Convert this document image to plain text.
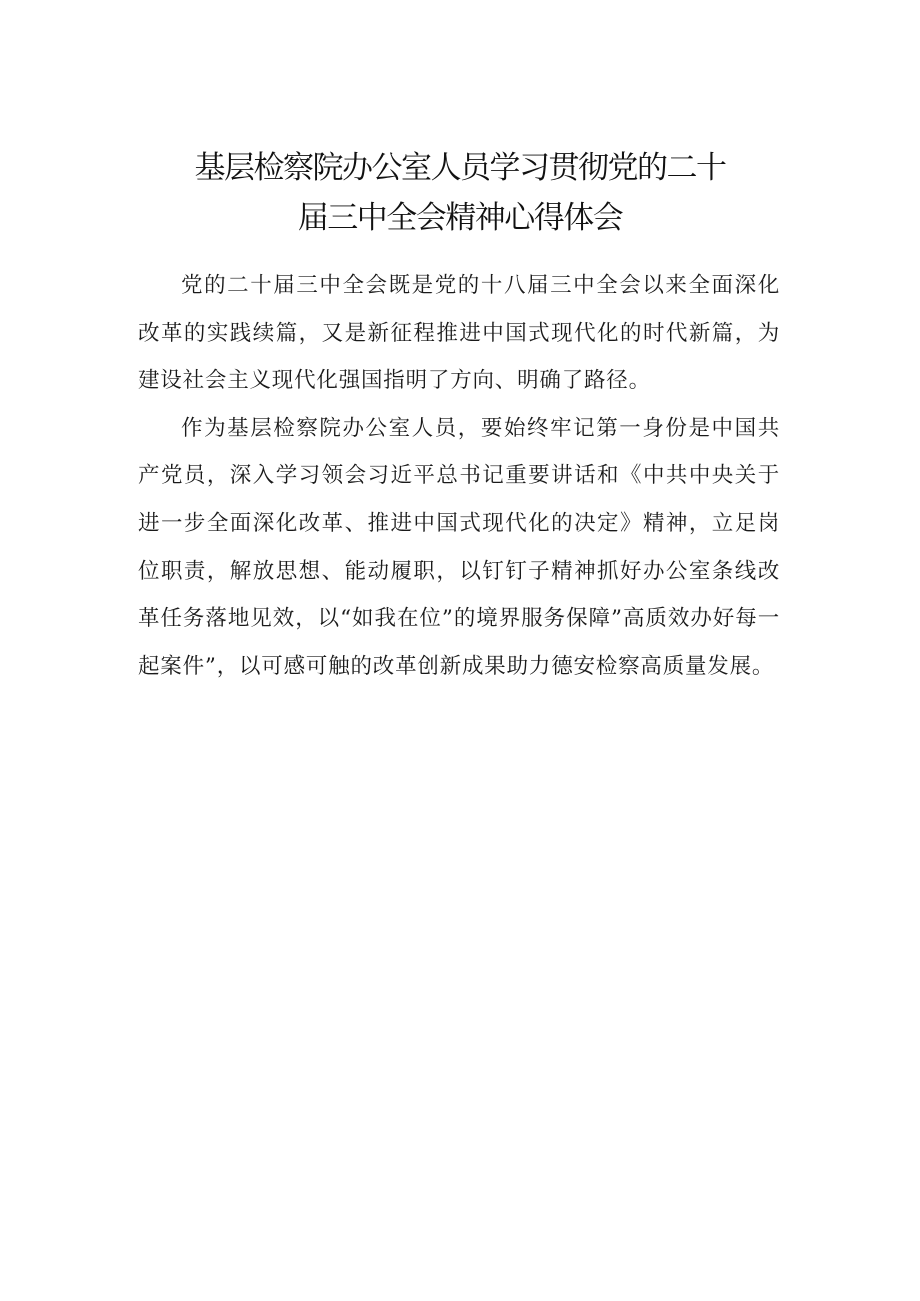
基层检察院办公室人员学习贯彻党的二十
届三中全会精神心得体会

党的二十届三中全会既是党的十八届三中全会以来全面深化改革的实践续篇，又是新征程推进中国式现代化的时代新篇，为建设社会主义现代化强国指明了方向、明确了路径。

作为基层检察院办公室人员，要始终牢记第一身份是中国共产党员，深入学习领会习近平总书记重要讲话和《中共中央关于进一步全面深化改革、推进中国式现代化的决定》精神，立足岗位职责，解放思想、能动履职，以钉钉子精神抓好办公室条线改革任务落地见效，以“如我在位”的境界服务保障”高质效办好每一起案件”，以可感可触的改革创新成果助力德安检察高质量发展。
